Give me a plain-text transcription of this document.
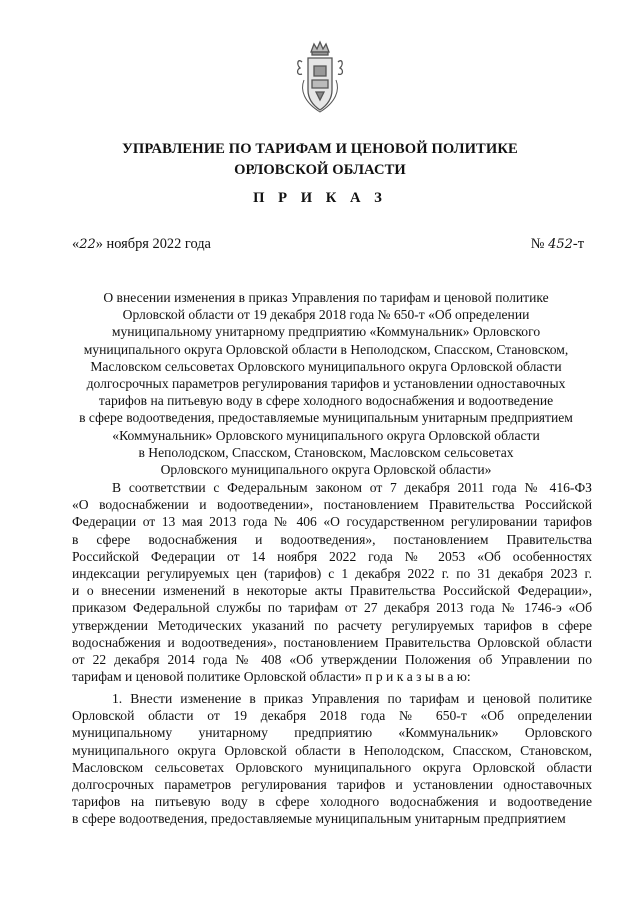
УПРАВЛЕНИЕ ПО ТАРИФАМ И ЦЕНОВОЙ ПОЛИТИКЕ
ОРЛОВСКОЙ ОБЛАСТИ
П Р И К А З
«22» ноября 2022 года	№ 452-т
О внесении изменения в приказ Управления по тарифам и ценовой политике
Орловской области от 19 декабря 2018 года № 650-т «Об определении
муниципальному унитарному предприятию «Коммунальник» Орловского
муниципального округа Орловской области в Неполодском, Спасском, Становском,
Масловском сельсоветах Орловского муниципального округа Орловской области
долгосрочных параметров регулирования тарифов и установлении одноставочных
тарифов на питьевую воду в сфере холодного водоснабжения и водоотведение
в сфере водоотведения, предоставляемые муниципальным унитарным предприятием
«Коммунальник» Орловского муниципального округа Орловской области
в Неполодском, Спасском, Становском, Масловском сельсоветах
Орловского муниципального округа Орловской области»
В соответствии с Федеральным законом от 7 декабря 2011 года № 416-ФЗ
«О водоснабжении и водоотведении», постановлением Правительства Российской
Федерации от 13 мая 2013 года № 406 «О государственном регулировании тарифов
в сфере водоснабжения и водоотведения», постановлением Правительства
Российской Федерации от 14 ноября 2022 года № 2053 «Об особенностях
индексации регулируемых цен (тарифов) с 1 декабря 2022 г. по 31 декабря 2023 г.
и о внесении изменений в некоторые акты Правительства Российской Федерации»,
приказом Федеральной службы по тарифам от 27 декабря 2013 года № 1746-э «Об
утверждении Методических указаний по расчету регулируемых тарифов в сфере
водоснабжения и водоотведения», постановлением Правительства Орловской области
от 22 декабря 2014 года № 408 «Об утверждении Положения об Управлении по
тарифам и ценовой политике Орловской области» п р и к а з ы в а ю:
1. Внести изменение в приказ Управления по тарифам и ценовой политике
Орловской области от 19 декабря 2018 года № 650-т «Об определении
муниципальному унитарному предприятию «Коммунальник» Орловского
муниципального округа Орловской области в Неполодском, Спасском, Становском,
Масловском сельсоветах Орловского муниципального округа Орловской области
долгосрочных параметров регулирования тарифов и установлении одноставочных
тарифов на питьевую воду в сфере холодного водоснабжения и водоотведение
в сфере водоотведения, предоставляемые муниципальным унитарным предприятием
